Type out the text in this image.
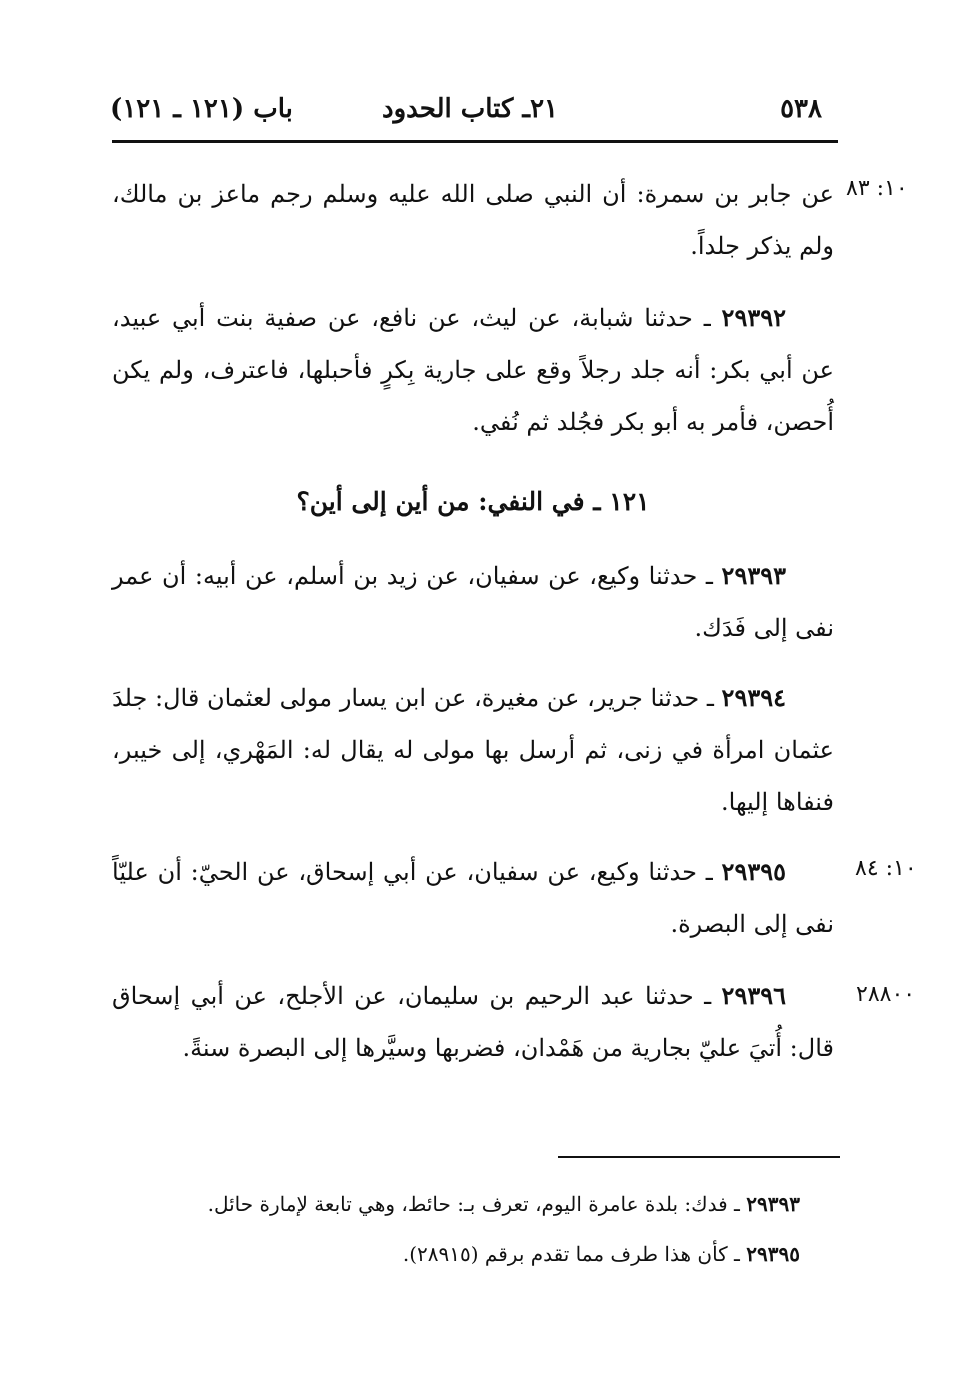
٥٣٨
٢١ـ كتاب الحدود
باب (١٢١ ـ ١٢١)
١٠: ٨٣
عن جابر بن سمرة: أن النبي صلى الله عليه وسلم رجم ماعز بن مالك، ولم يذكر جلداً.
٢٩٣٩٢ ـ حدثنا شبابة، عن ليث، عن نافع، عن صفية بنت أبي عبيد، عن أبي بكر: أنه جلد رجلاً وقع على جارية بِكرٍ فأحبلها، فاعترف، ولم يكن أُحصن، فأمر به أبو بكر فجُلد ثم نُفي.
١٢١ ـ في النفي: من أين إلى أين؟
٢٩٣٩٣ ـ حدثنا وكيع، عن سفيان، عن زيد بن أسلم، عن أبيه: أن عمر نفى إلى فَدَك.
٢٩٣٩٤ ـ حدثنا جرير، عن مغيرة، عن ابن يسار مولى لعثمان قال: جلدَ عثمان امرأة في زنى، ثم أرسل بها مولى له يقال له: المَهْري، إلى خيبر، فنفاها إليها.
١٠: ٨٤
٢٩٣٩٥ ـ حدثنا وكيع، عن سفيان، عن أبي إسحاق، عن الحيّ: أن عليّاً نفى إلى البصرة.
٢٨٨٠٠
٢٩٣٩٦ ـ حدثنا عبد الرحيم بن سليمان، عن الأجلح، عن أبي إسحاق قال: أُتيَ عليّ بجارية من هَمْدان، فضربها وسيَّرها إلى البصرة سنةً.
٢٩٣٩٣ ـ فدك: بلدة عامرة اليوم، تعرف بـ: حائط، وهي تابعة لإمارة حائل.
٢٩٣٩٥ ـ كأن هذا طرف مما تقدم برقم (٢٨٩١٥).
